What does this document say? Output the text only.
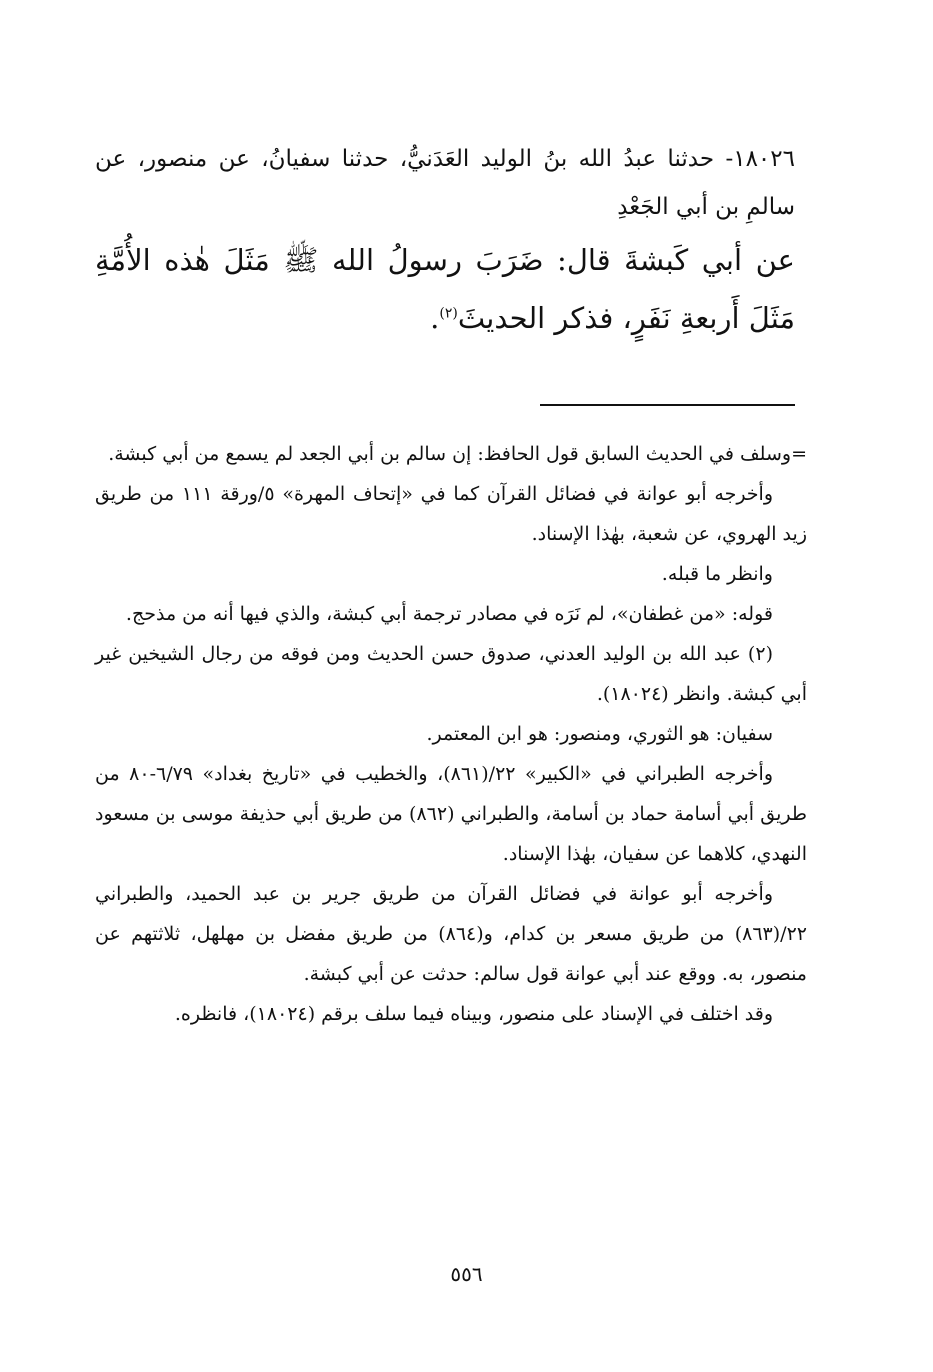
١٨٠٢٦- حدثنا عبدُ الله بنُ الوليد العَدَنيُّ، حدثنا سفيانُ، عن منصور، عن سالمِ بن أبي الجَعْدِ

عن أبي كَبشةَ قال: ضَرَبَ رسولُ الله ﷺ مَثَلَ هٰذه الأُمَّةِ مَثَلَ أَربعةِ نَفَرٍ، فذكر الحديثَ$^{(٢)}$.

=وسلف في الحديث السابق قول الحافظ: إن سالم بن أبي الجعد لم يسمع من أبي كبشة.

وأخرجه أبو عوانة في فضائل القرآن كما في «إتحاف المهرة» ٥/ورقة ١١١ من طريق زيد الهروي، عن شعبة، بهٰذا الإسناد.

وانظر ما قبله.

قوله: «من غطفان»، لم نَرَه في مصادر ترجمة أبي كبشة، والذي فيها أنه من مذحج.

(٢) عبد الله بن الوليد العدني، صدوق حسن الحديث ومن فوقه من رجال الشيخين غير أبي كبشة. وانظر (١٨٠٢٤).

سفيان: هو الثوري، ومنصور: هو ابن المعتمر.

وأخرجه الطبراني في «الكبير» ٢٢/(٨٦١)، والخطيب في «تاريخ بغداد» ٦/٧٩-٨٠ من طريق أبي أسامة حماد بن أسامة، والطبراني (٨٦٢) من طريق أبي حذيفة موسى بن مسعود النهدي، كلاهما عن سفيان، بهٰذا الإسناد.

وأخرجه أبو عوانة في فضائل القرآن من طريق جرير بن عبد الحميد، والطبراني ٢٢/(٨٦٣) من طريق مسعر بن كدام، و(٨٦٤) من طريق مفضل بن مهلهل، ثلاثتهم عن منصور، به. ووقع عند أبي عوانة قول سالم: حدثت عن أبي كبشة.

وقد اختلف في الإسناد على منصور، وبيناه فيما سلف برقم (١٨٠٢٤)، فانظره.

٥٥٦
